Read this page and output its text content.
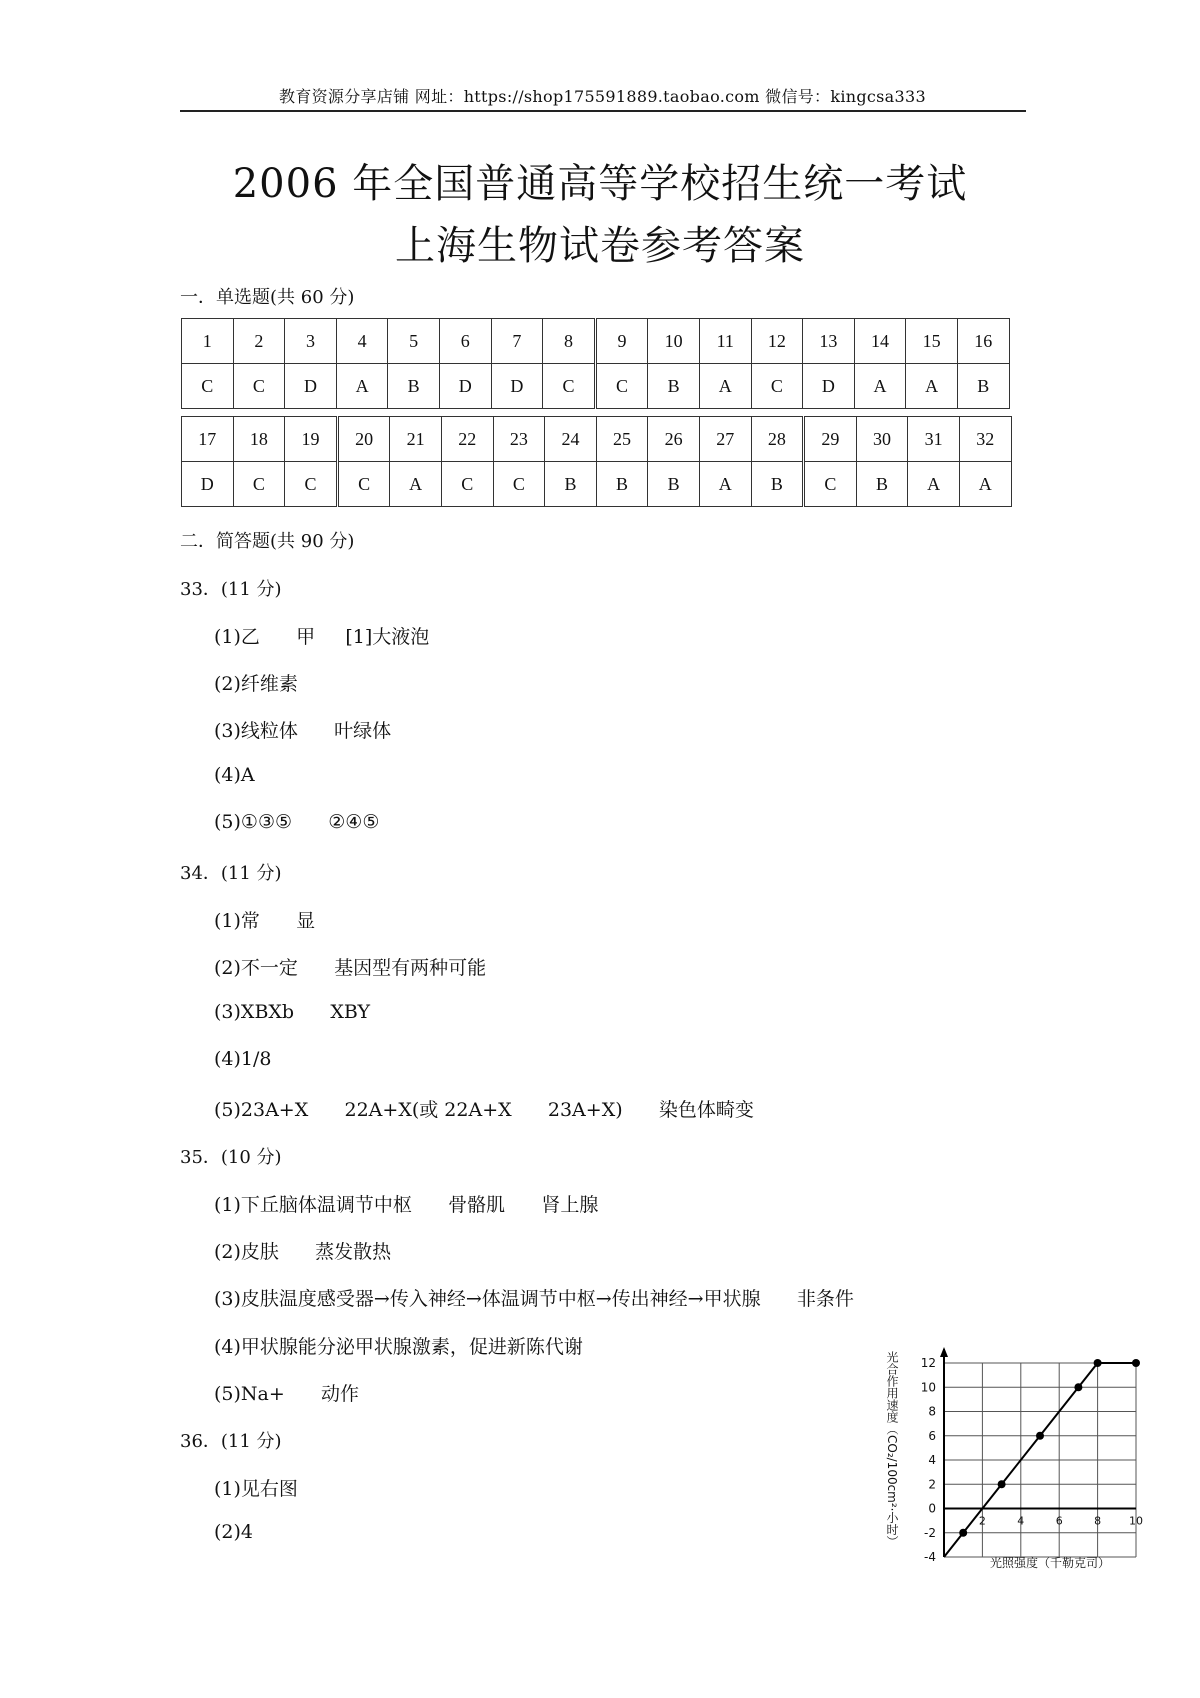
教育资源分享店铺 网址：https://shop175591889.taobao.com 微信号：kingcsa333
2006 年全国普通高等学校招生统一考试
上海生物试卷参考答案
一．单选题(共 60 分)
1	2	3	4	5	6	7	8	9	10	11	12	13	14	15	16
C	C	D	A	B	D	D	C	C	B	A	C	D	A	A	B
17	18	19	20	21	22	23	24	25	26	27	28	29	30	31	32
D	C	C	C	A	C	C	B	B	B	A	B	C	B	A	A
二．简答题(共 90 分)
33．(11 分)
(1)乙      甲     [1]大液泡
(2)纤维素
(3)线粒体      叶绿体
(4)A
(5)①③⑤      ②④⑤
34．(11 分)
(1)常      显
(2)不一定      基因型有两种可能
(3)XBXb      XBY
(4)1/8
(5)23A+X      22A+X(或 22A+X      23A+X)      染色体畸变
35．(10 分)
(1)下丘脑体温调节中枢      骨骼肌      肾上腺
(2)皮肤      蒸发散热
(3)皮肤温度感受器→传入神经→体温调节中枢→传出神经→甲状腺      非条件
(4)甲状腺能分泌甲状腺激素，促进新陈代谢
(5)Na+      动作
36．(11 分)
(1)见右图
(2)4
12
10
8
6
4
2
0
-2
-4
2	4	6	8	10
光合作用速度（CO₂/100cm²·小时）
光照强度（千勒克司）
